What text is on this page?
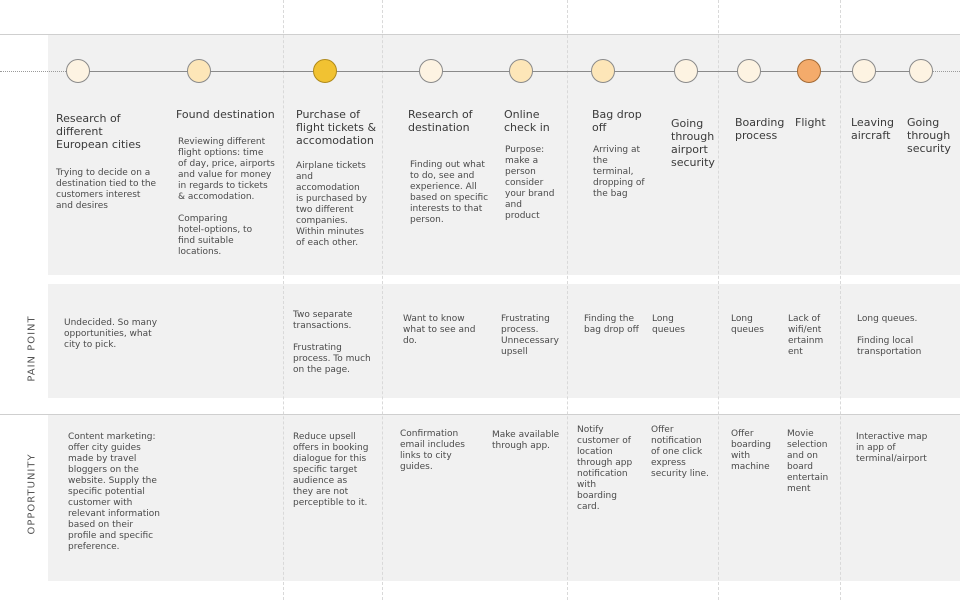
Research of
different
European cities
Trying to decide on a
destination tied to the
customers interest
and desires
Found destination
Reviewing different
flight options: time
of day, price, airports
and value for money
in regards to tickets
& accomodation.

Comparing
hotel-options, to
find suitable
locations.
Purchase of
flight tickets &
accomodation
Airplane tickets
and
accomodation
is purchased by
two different
companies.
Within minutes
of each other.
Research of
destination
Finding out what
to do, see and
experience. All
based on specific
interests to that
person.
Online
check in
Purpose:
make a
person
consider
your brand
and
product
Bag drop
off
Arriving at
the
terminal,
dropping of
the bag
Going
through
airport
security
Boarding
process
Flight Leaving
aircraft
Going
through
security
PAIN POINT
OPPORTUNITY
Undecided. So many
opportunities, what
city to pick.
Two separate
transactions.

Frustrating
process. To much
on the page.
Want to know
what to see and
do.
Frustrating
process.
Unnecessary
upsell
Finding the
bag drop off
Long
queues
Long
queues
Lack of
wifi/ent
ertainm
ent
Long queues.

Finding local
transportation
Content marketing:
offer city guides
made by travel
bloggers on the
website. Supply the
specific potential
customer with
relevant information
based on their
profile and specific
preference.
Reduce upsell
offers in booking
dialogue for this
specific target
audience as
they are not
perceptible to it.
Confirmation
email includes
links to city
guides.
Make available
through app.
Notify
customer of
location
through app
notification
with
boarding
card.
Offer
notification
of one click
express
security line.
Offer
boarding
with
machine
Movie
selection
and on
board
entertain
ment
Interactive map
in app of
terminal/airport
